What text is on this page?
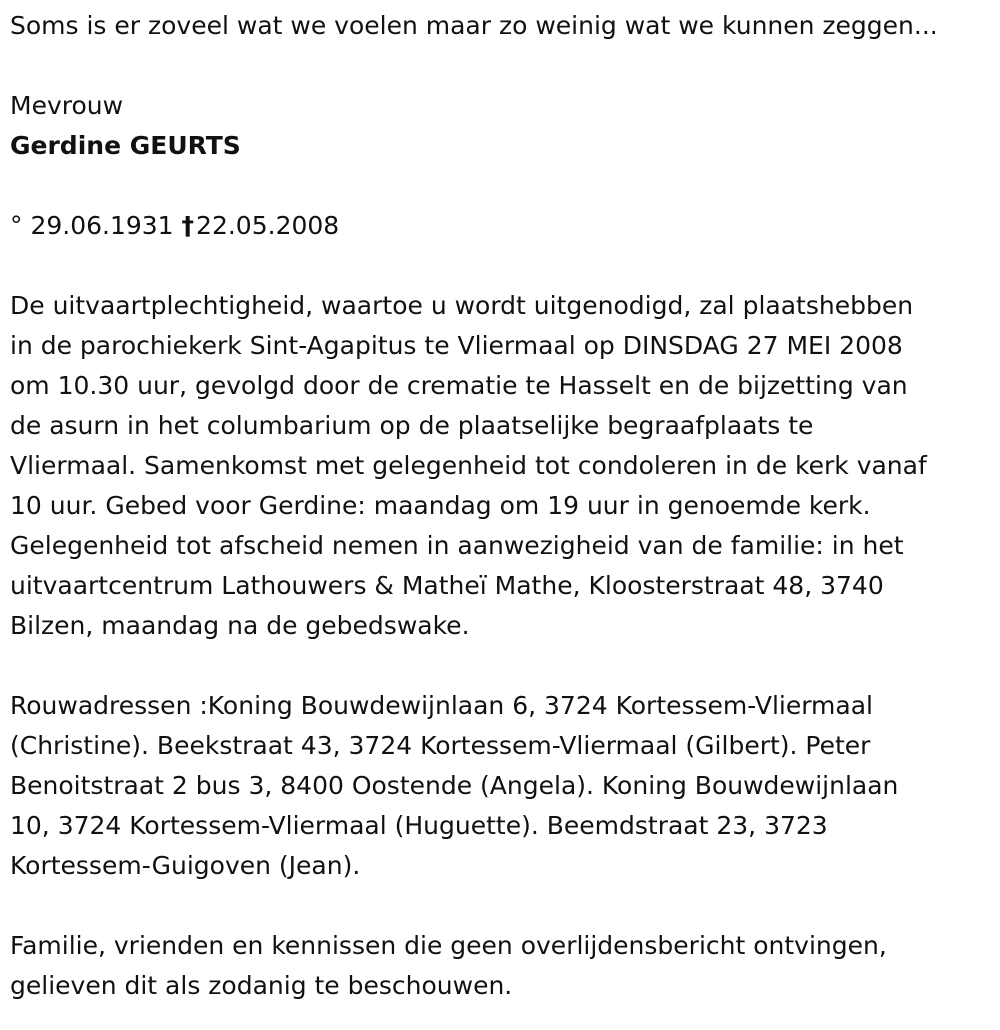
Soms is er zoveel wat we voelen maar zo weinig wat we kunnen zeggen...

Mevrouw

Gerdine GEURTS

° 29.06.1931 †22.05.2008

De uitvaartplechtigheid, waartoe u wordt uitgenodigd, zal plaatshebben
in de parochiekerk Sint-Agapitus te Vliermaal op DINSDAG 27 MEI 2008
om 10.30 uur, gevolgd door de crematie te Hasselt en de bijzetting van
de asurn in het columbarium op de plaatselijke begraafplaats te
Vliermaal. Samenkomst met gelegenheid tot condoleren in de kerk vanaf
10 uur. Gebed voor Gerdine: maandag om 19 uur in genoemde kerk.
Gelegenheid tot afscheid nemen in aanwezigheid van de familie: in het
uitvaartcentrum Lathouwers & Matheï Mathe, Kloosterstraat 48, 3740
Bilzen, maandag na de gebedswake.

Rouwadressen :Koning Bouwdewijnlaan 6, 3724 Kortessem-Vliermaal
(Christine). Beekstraat 43, 3724 Kortessem-Vliermaal (Gilbert). Peter
Benoitstraat 2 bus 3, 8400 Oostende (Angela). Koning Bouwdewijnlaan
10, 3724 Kortessem-Vliermaal (Huguette). Beemdstraat 23, 3723
Kortessem-Guigoven (Jean).

Familie, vrienden en kennissen die geen overlijdensbericht ontvingen,
gelieven dit als zodanig te beschouwen.
